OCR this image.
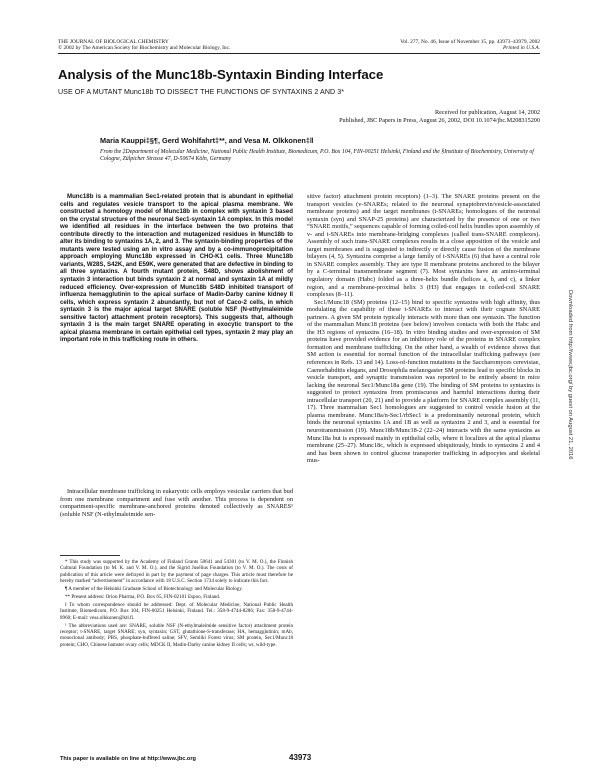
THE JOURNAL OF BIOLOGICAL CHEMISTRY
© 2002 by The American Society for Biochemistry and Molecular Biology, Inc.
Vol. 277, No. 46, Issue of November 15, pp. 43973–43979, 2002
Printed in U.S.A.
Analysis of the Munc18b-Syntaxin Binding Interface
USE OF A MUTANT Munc18b TO DISSECT THE FUNCTIONS OF SYNTAXINS 2 AND 3*
Received for publication, August 14, 2002
Published, JBC Papers in Press, August 26, 2002, DOI 10.1074/jbc.M208315200
Maria Kauppi‡§¶, Gerd Wohlfahrt‡**, and Vesa M. Olkkonen‡‖
From the ‡Department of Molecular Medicine, National Public Health Institute, Biomedicum, P.O. Box 104, FIN-00251 Helsinki, Finland and the §Institute of Biochemistry, University of Cologne, Zülpicher Strasse 47, D-50674 Köln, Germany

Munc18b is a mammalian Sec1-related protein that is abundant in epithelial cells and regulates vesicle transport to the apical plasma membrane. We constructed a homology model of Munc18b in complex with syntaxin 3 based on the crystal structure of the neuronal Sec1-syntaxin 1A complex. In this model we identified all residues in the interface between the two proteins that contribute directly to the interaction and mutagenized residues in Munc18b to alter its binding to syntaxins 1A, 2, and 3. The syntaxin-binding properties of the mutants were tested using an in vitro assay and by a co-immunoprecipitation approach employing Munc18b expressed in CHO-K1 cells. Three Munc18b variants, W28S, S42K, and E59K, were generated that are defective in binding to all three syntaxins. A fourth mutant protein, S48D, shows abolishment of syntaxin 3 interaction but binds syntaxin 2 at normal and syntaxin 1A at mildly reduced efficiency. Over-expression of Munc18b S48D inhibited transport of influenza hemagglutinin to the apical surface of Madin-Darby canine kidney II cells, which express syntaxin 2 abundantly, but not of Caco-2 cells, in which syntaxin 3 is the major apical target SNARE (soluble NSF (N-ethylmaleimide sensitive factor) attachment protein receptors). This suggests that, although syntaxin 3 is the main target SNARE operating in exocytic transport to the apical plasma membrane in certain epithelial cell types, syntaxin 2 may play an important role in this trafficking route in others.

Intracellular membrane trafficking in eukaryotic cells employs vesicular carriers that bud from one membrane compartment and fuse with another. This process is dependent on compartment-specific membrane-anchored proteins denoted collectively as SNARES¹ (soluble NSF (N-ethylmaleimide sen-

* This study was supported by the Academy of Finland Grants 50641 and 54301 (to V. M. O.), the Finnish Cultural Foundation (to M. K. and V. M. O.), and the Sigrid Jusélius Foundation (to V. M. O.). The costs of publication of this article were defrayed in part by the payment of page charges. This article must therefore be hereby marked “advertisement” in accordance with 18 U.S.C. Section 1734 solely to indicate this fact.

¶ A member of the Helsinki Graduate School of Biotechnology and Molecular Biology.

** Present address: Orion Pharma, P.O. Box 65, FIN-02101 Espoo, Finland.

‖ To whom correspondence should be addressed: Dept. of Molecular Medicine, National Public Health Institute, Biomedicum, P.O. Box 104, FIN-00251 Helsinki, Finland. Tel.: 358-9-4744-8286; Fax: 358-9-4744-8960; E-mail: vesa.olkkonen@ktl.fi.

¹ The abbreviations used are: SNARE, soluble NSF (N-ethylmaleimide sensitive factor) attachment protein receptor; t-SNARE, target SNARE; syn, syntaxin; GST, glutathione-S-transferase; HA, hemagglutinin; mAb, monoclonal antibody; PBS, phosphate-buffered saline; SFV, Semliki Forest virus; SM protein, Sec1/Munc18 protein; CHO, Chinese hamster ovary cells; MDCK II, Madin-Darby canine kidney II cells; wt, wild-type.

sitive factor) attachment protein receptors) (1–3). The SNARE proteins present on the transport vesicles (v-SNAREs; related to the neuronal synaptobrevin/vesicle-associated membrane proteins) and the target membranes (t-SNAREs; homologues of the neuronal syntaxin (syn) and SNAP-25 proteins) are characterized by the presence of one or two “SNARE motifs,” sequences capable of forming coiled-coil helix bundles upon assembly of v- and t-SNAREs into membrane-bridging complexes (called trans-SNARE complexes). Assembly of such trans-SNARE complexes results in a close apposition of the vesicle and target membranes and is suggested to indirectly or directly cause fusion of the membrane bilayers (4, 5). Syntaxins comprise a large family of t-SNAREs (6) that have a central role in SNARE complex assembly. They are type II membrane proteins anchored to the bilayer by a C-terminal transmembrane segment (7). Most syntaxins have an amino-terminal regulatory domain (Habc) folded as a three-helix bundle (helices a, b, and c), a linker region, and a membrane-proximal helix 3 (H3) that engages in coiled-coil SNARE complexes (8–11).

Sec1/Munc18 (SM) proteins (12–15) bind to specific syntaxins with high affinity, thus modulating the capability of these t-SNAREs to interact with their cognate SNARE partners. A given SM protein typically interacts with more than one syntaxin. The function of the mammalian Munc18 proteins (see below) involves contacts with both the Habc and the H3 regions of syntaxins (16–18). In vitro binding studies and over-expression of SM proteins have provided evidence for an inhibitory role of the proteins in SNARE complex formation and membrane trafficking. On the other hand, a wealth of evidence shows that SM action is essential for normal function of the intracellular trafficking pathways (see references in Refs. 13 and 14). Loss-of-function mutations in the Saccharomyces cerevisiae, Caenorhabditis elegans, and Drosophila melanogaster SM proteins lead to specific blocks in vesicle transport, and synaptic transmission was reported to be entirely absent in mice lacking the neuronal Sec1/Munc18a gene (19). The binding of SM proteins to syntaxins is suggested to protect syntaxins from promiscuous and harmful interactions during their intracellular transport (20, 21) and to provide a platform for SNARE complex assembly (11, 17). Three mammalian Sec1 homologues are suggested to control vesicle fusion at the plasma membrane. Munc18a/n-Sec1/rbSec1 is a predominantly neuronal protein, which binds the neuronal syntaxins 1A and 1B as well as syntaxins 2 and 3, and is essential for neurotransmission (19). Munc18b/Munc18-2 (22–24) interacts with the same syntaxins as Munc18a but is expressed mainly in epithelial cells, where it localizes at the apical plasma membrane (25–27). Munc18c, which is expressed ubiquitously, binds to syntaxins 2 and 4 and has been shown to control glucose transporter trafficking in adipocytes and skeletal mus-

This paper is available on line at http://www.jbc.org	43973
Downloaded from http://www.jbc.org/ by guest on August 21, 2016
